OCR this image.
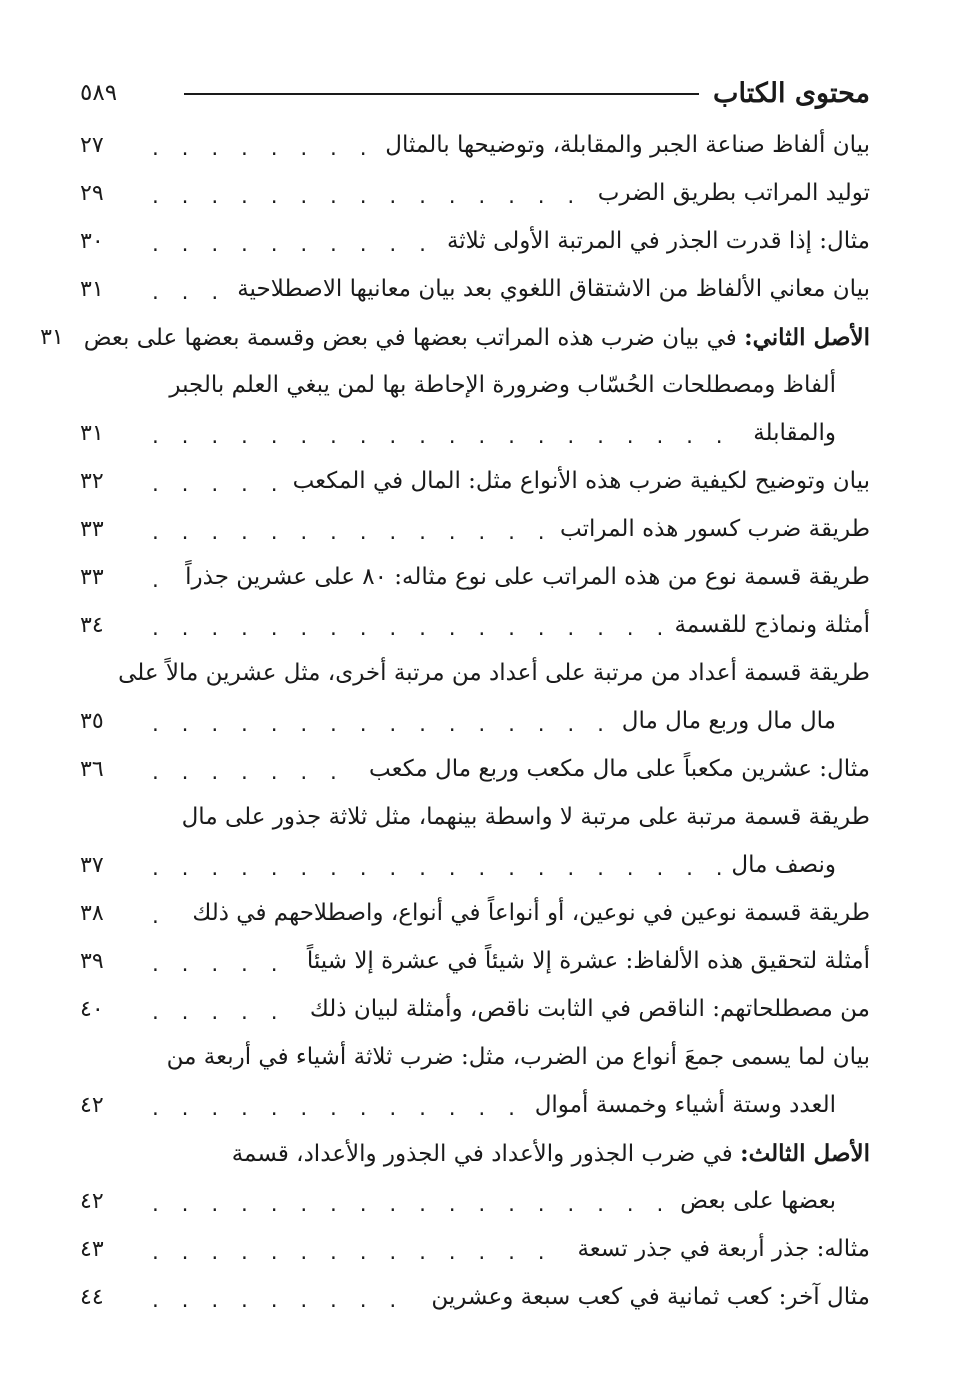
محتوى الكتاب
٥٨٩
بيان ألفاظ صناعة الجبر والمقابلة، وتوضيحها بالمثال
. . .
٢٧
توليد المراتب بطريق الضرب
. . .
٢٩
مثال: إذا قدرت الجذر في المرتبة الأولى ثلاثة
. . .
٣٠
بيان معاني الألفاظ من الاشتقاق اللغوي بعد بيان معانيها الاصطلاحية
. . .
٣١
الأصل الثاني: في بيان ضرب هذه المراتب بعضها في بعض وقسمة بعضها على بعض
٣١
ألفاظ ومصطلحات الحُسّاب وضرورة الإحاطة بها لمن يبغي العلم بالجبر
والمقابلة
. . .
٣١
بيان وتوضيح لكيفية ضرب هذه الأنواع مثل: المال في المكعب
. . .
٣٢
طريقة ضرب كسور هذه المراتب
. . .
٣٣
طريقة قسمة نوع من هذه المراتب على نوع مثاله: ٨٠ على عشرين جذراً
. . .
٣٣
أمثلة ونماذج للقسمة
. . .
٣٤
طريقة قسمة أعداد من مرتبة على أعداد من مرتبة أخرى، مثل عشرين مالاً على
مال مال وربع مال مال
. . .
٣٥
مثال: عشرين مكعباً على مال مكعب وربع مال مكعب
. . .
٣٦
طريقة قسمة مرتبة على مرتبة لا واسطة بينهما، مثل ثلاثة جذور على مال
ونصف مال
. . .
٣٧
طريقة قسمة نوعين في نوعين، أو أنواعاً في أنواع، واصطلاحهم في ذلك
. . .
٣٨
أمثلة لتحقيق هذه الألفاظ: عشرة إلا شيئاً في عشرة إلا شيئاً
. . .
٣٩
من مصطلحاتهم: الناقص في الثابت ناقص، وأمثلة لبيان ذلك
. . .
٤٠
بيان لما يسمى جمعَ أنواع من الضرب، مثل: ضرب ثلاثة أشياء في أربعة من
العدد وستة أشياء وخمسة أموال
. . .
٤٢
الأصل الثالث: في ضرب الجذور والأعداد في الجذور والأعداد، قسمة
بعضها على بعض
. . .
٤٢
مثاله: جذر أربعة في جذر تسعة
. . .
٤٣
مثال آخر: كعب ثمانية في كعب سبعة وعشرين
. . .
٤٤
